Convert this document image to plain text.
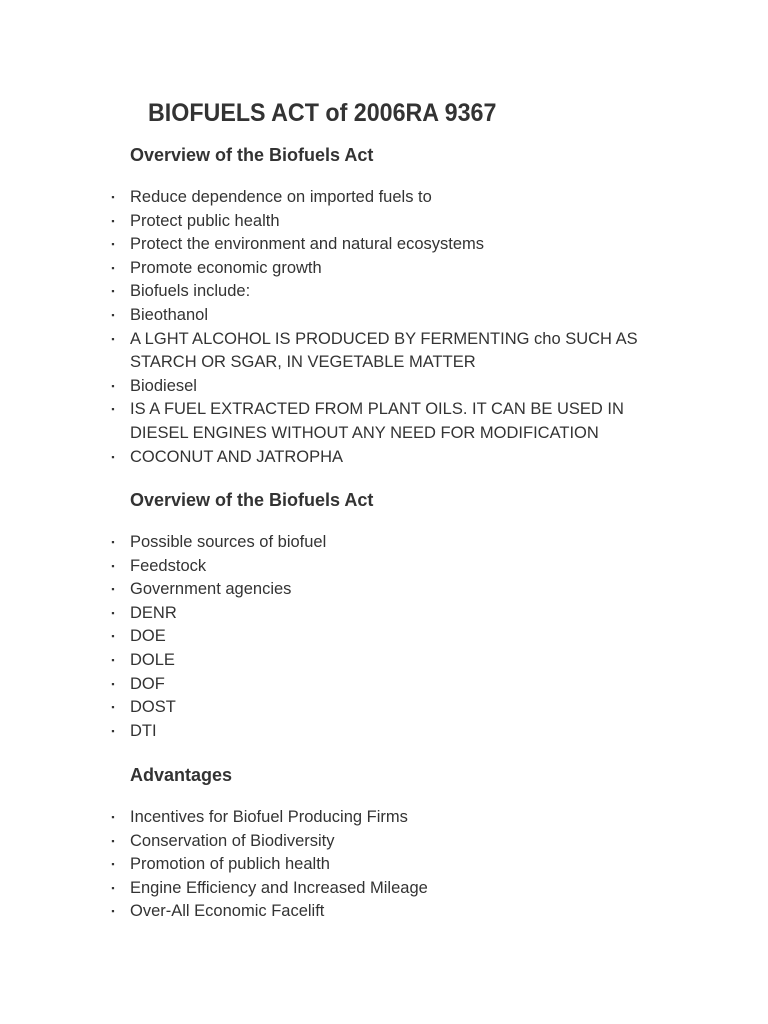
BIOFUELS ACT of 2006RA 9367
Overview of the Biofuels Act
▪ Reduce dependence on imported fuels to
▪ Protect public health
▪ Protect the environment and natural ecosystems
▪ Promote economic growth
▪ Biofuels include:
▪ Bieothanol
▪ A LGHT ALCOHOL IS PRODUCED BY FERMENTING cho SUCH AS STARCH OR SGAR, IN VEGETABLE MATTER
▪ Biodiesel
▪ IS A FUEL EXTRACTED FROM PLANT OILS. IT CAN BE USED IN DIESEL ENGINES WITHOUT ANY NEED FOR MODIFICATION
▪ COCONUT AND JATROPHA
Overview of the Biofuels Act
▪ Possible sources of biofuel
▪ Feedstock
▪ Government agencies
▪ DENR
▪ DOE
▪ DOLE
▪ DOF
▪ DOST
▪ DTI
Advantages
▪ Incentives for Biofuel Producing Firms
▪ Conservation of Biodiversity
▪ Promotion of publich health
▪ Engine Efficiency and Increased Mileage
▪ Over-All Economic Facelift
